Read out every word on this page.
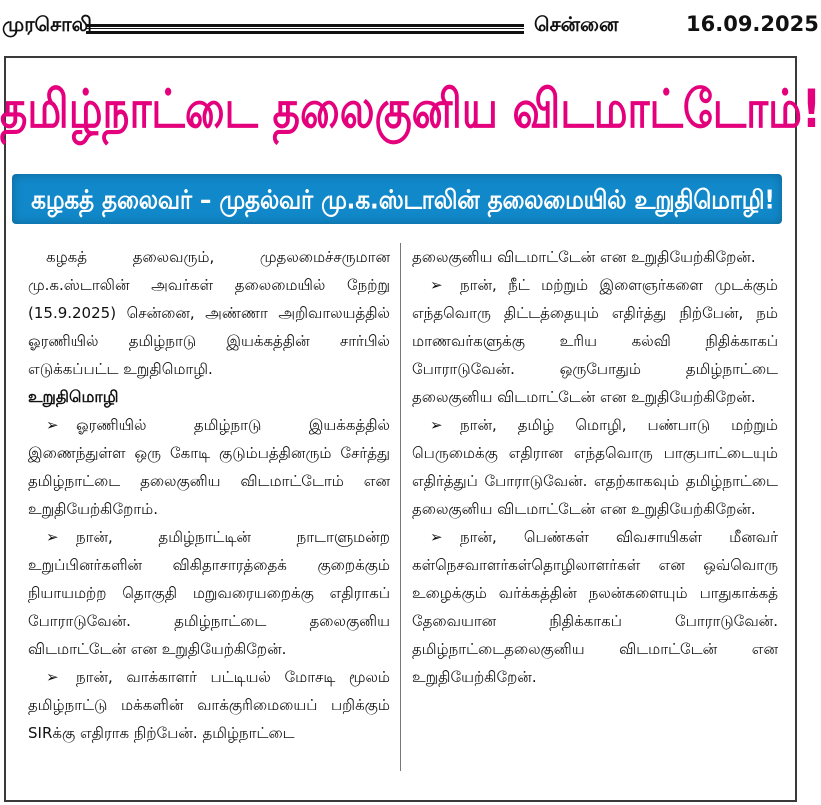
முரசொலி	சென்னை	16.09.2025
தமிழ்நாட்டை தலைகுனிய விடமாட்டோம்!
கழகத் தலைவர் – முதல்வர் மு.க.ஸ்டாலின் தலைமையில் உறுதிமொழி!

கழகத் தலைவரும், முதலமைச்சருமான மு.க.ஸ்டாலின் அவர்கள் தலைமையில் நேற்று (15.9.2025) சென்னை, அண்ணா அறிவாலயத்தில் ஓரணியில் தமிழ்நாடு இயக்கத்தின் சார்பில் எடுக்கப்பட்ட உறுதிமொழி.

உறுதிமொழி

➢ ஓரணியில் தமிழ்நாடு இயக்கத்தில் இணைந்துள்ள ஒரு கோடி குடும்பத்தினரும் சேர்த்து தமிழ்நாட்டை தலைகுனிய விடமாட்டோம் என உறுதியேற்கிறோம்.

➢ நான், தமிழ்நாட்டின் நாடாளுமன்ற உறுப்பினர்களின் விகிதாசாரத்தைக் குறைக்கும் நியாயமற்ற தொகுதி மறுவரையறைக்கு எதிராகப் போராடுவேன். தமிழ்நாட்டை தலைகுனிய விடமாட்டேன் என உறுதியேற்கிறேன்.

➢ நான், வாக்காளர் பட்டியல் மோசடி மூலம் தமிழ்நாட்டு மக்களின் வாக்குரிமையைப் பறிக்கும் SIRக்கு எதிராக நிற்பேன். தமிழ்நாட்டை

தலைகுனிய விடமாட்டேன் என உறுதியேற்கிறேன்.

➢ நான், நீட் மற்றும் இளைஞர்களை முடக்கும் எந்தவொரு திட்டத்தையும் எதிர்த்து நிற்பேன், நம் மாணவர்களுக்கு உரிய கல்வி நிதிக்காகப் போராடுவேன். ஒருபோதும் தமிழ்நாட்டை தலைகுனிய விடமாட்டேன் என உறுதியேற்கிறேன்.

➢ நான், தமிழ் மொழி, பண்பாடு மற்றும் பெருமைக்கு எதிரான எந்தவொரு பாகுபாட்டையும் எதிர்த்துப் போராடுவேன். எதற்காகவும் தமிழ்நாட்டை தலைகுனிய விடமாட்டேன் என உறுதியேற்கிறேன்.

➢ நான், பெண்கள் விவசாயிகள் மீனவர் கள்நெசவாளர்கள்தொழிலாளர்கள் என ஒவ்வொரு உழைக்கும் வர்க்கத்தின் நலன்களையும் பாதுகாக்கத் தேவையான நிதிக்காகப் போராடுவேன். தமிழ்நாட்டைதலைகுனிய விடமாட்டேன் என உறுதியேற்கிறேன்.
